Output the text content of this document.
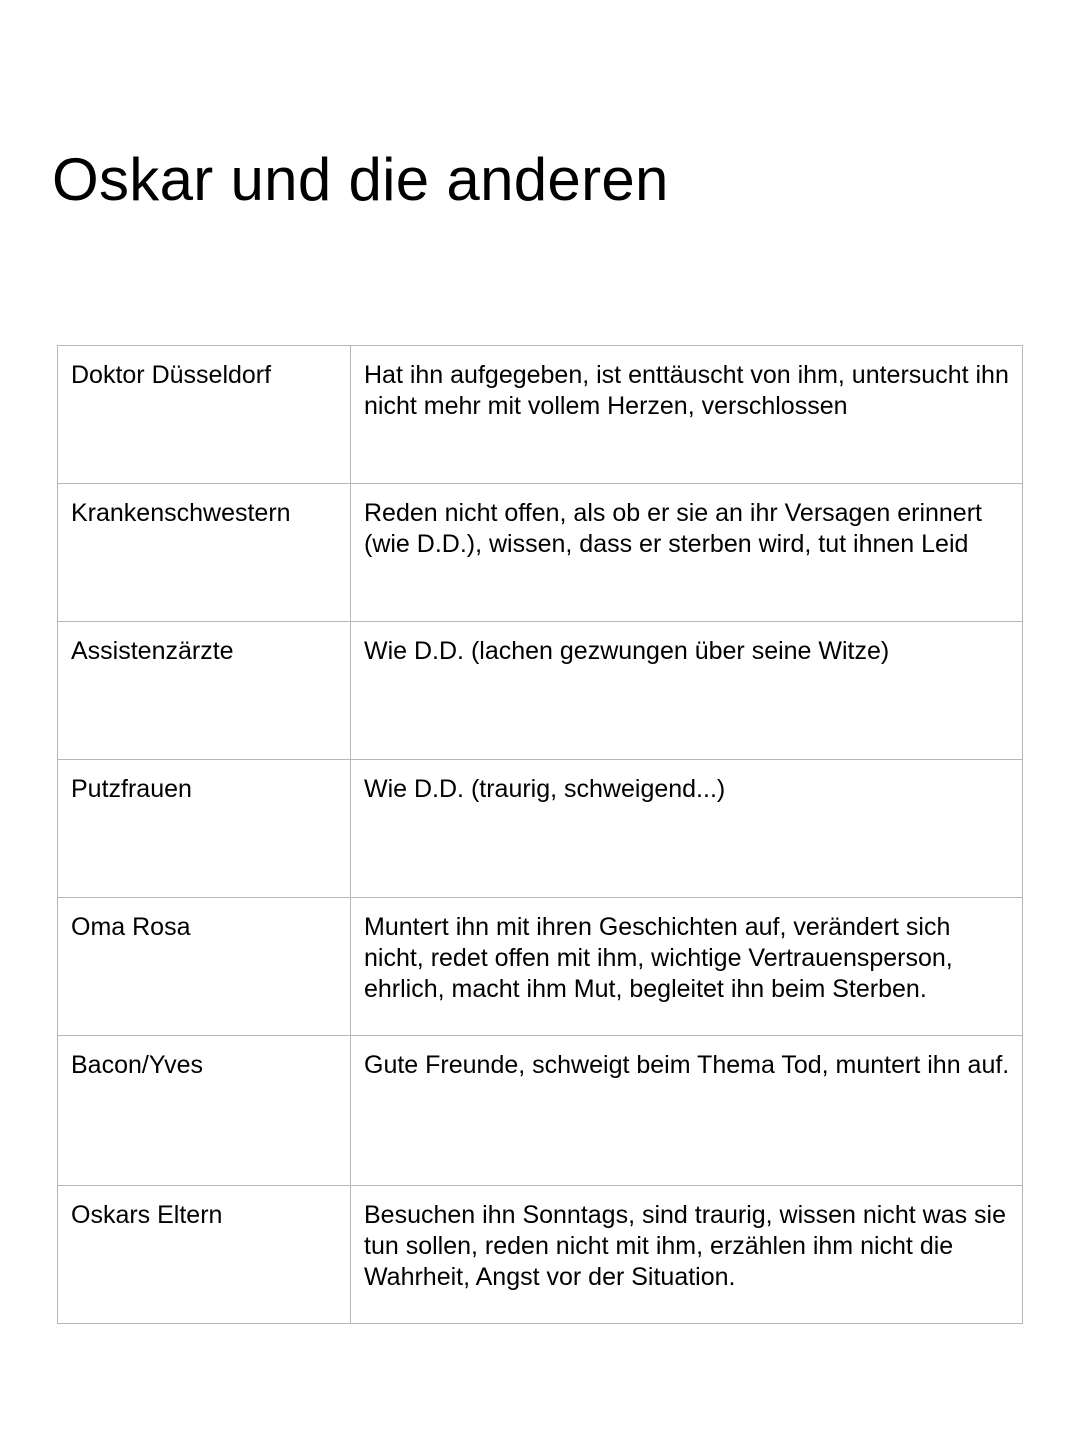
Oskar und die anderen
Doktor Düsseldorf	Hat ihn aufgegeben, ist enttäuscht von ihm, untersucht ihn nicht mehr mit vollem Herzen, verschlossen
Krankenschwestern	Reden nicht offen, als ob er sie an ihr Versagen erinnert (wie D.D.), wissen, dass er sterben wird, tut ihnen Leid
Assistenzärzte	Wie D.D. (lachen gezwungen über seine Witze)
Putzfrauen	Wie D.D. (traurig, schweigend...)
Oma Rosa	Muntert ihn mit ihren Geschichten auf, verändert sich nicht, redet offen mit ihm, wichtige Vertrauensperson, ehrlich, macht ihm Mut, begleitet ihn beim Sterben.
Bacon/Yves	Gute Freunde, schweigt beim Thema Tod, muntert ihn auf.
Oskars Eltern	Besuchen ihn Sonntags, sind traurig, wissen nicht was sie tun sollen, reden nicht mit ihm, erzählen ihm nicht die Wahrheit, Angst vor der Situation.
